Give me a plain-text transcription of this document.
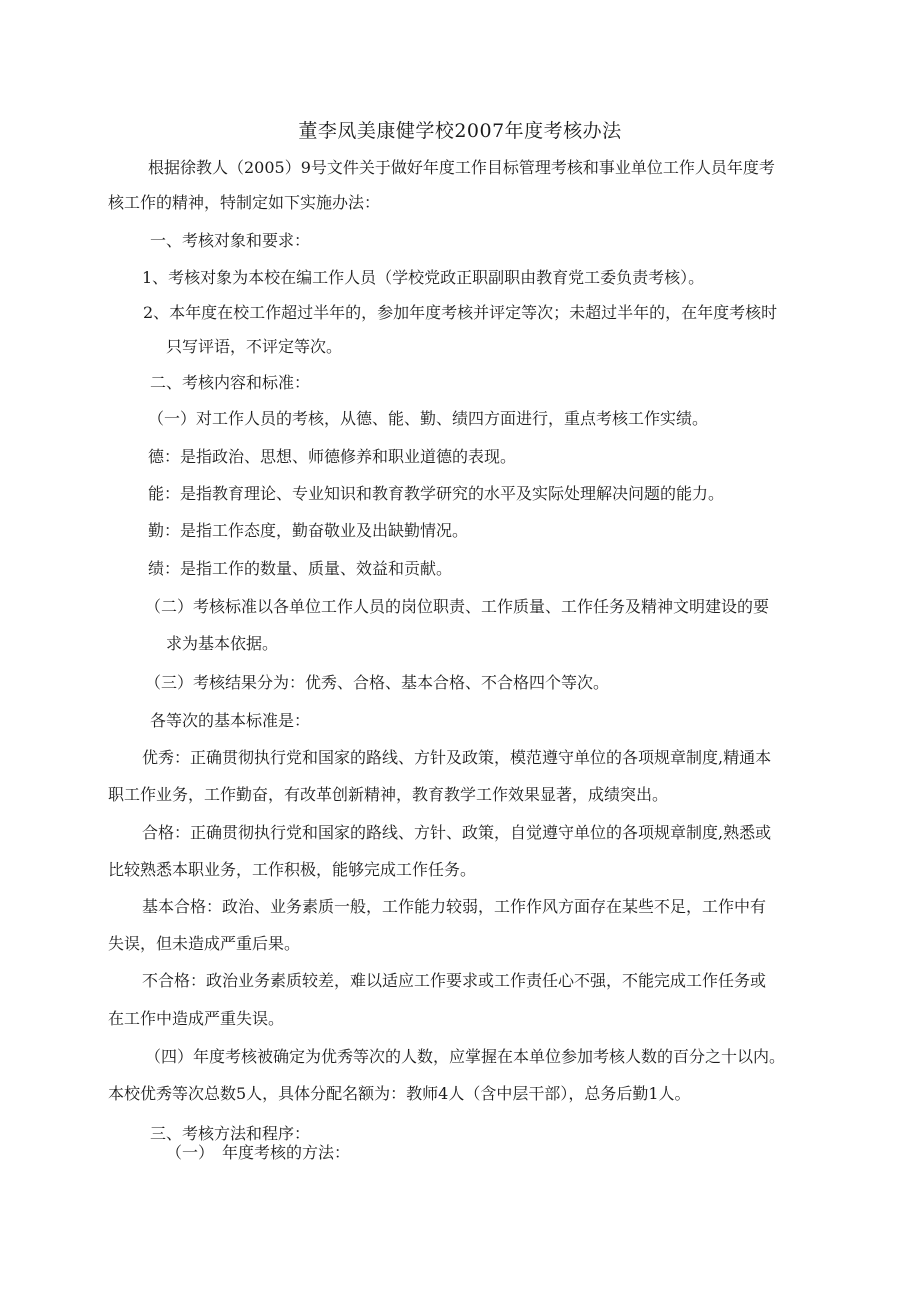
董李凤美康健学校2007年度考核办法
根据徐教人（2005）9号文件关于做好年度工作目标管理考核和事业单位工作人员年度考
核工作的精神，特制定如下实施办法：
一、考核对象和要求：
1、考核对象为本校在编工作人员（学校党政正职副职由教育党工委负责考核）。
2、本年度在校工作超过半年的，参加年度考核并评定等次；未超过半年的，在年度考核时
只写评语，不评定等次。
二、考核内容和标准：
（一）对工作人员的考核，从德、能、勤、绩四方面进行，重点考核工作实绩。
德：是指政治、思想、师德修养和职业道德的表现。
能：是指教育理论、专业知识和教育教学研究的水平及实际处理解决问题的能力。
勤：是指工作态度，勤奋敬业及出缺勤情况。
绩：是指工作的数量、质量、效益和贡献。
（二）考核标准以各单位工作人员的岗位职责、工作质量、工作任务及精神文明建设的要
求为基本依据。
（三）考核结果分为：优秀、合格、基本合格、不合格四个等次。
各等次的基本标准是：
优秀：正确贯彻执行党和国家的路线、方针及政策，模范遵守单位的各项规章制度,精通本
职工作业务，工作勤奋，有改革创新精神，教育教学工作效果显著，成绩突出。
合格：正确贯彻执行党和国家的路线、方针、政策，自觉遵守单位的各项规章制度,熟悉或
比较熟悉本职业务，工作积极，能够完成工作任务。
基本合格：政治、业务素质一般，工作能力较弱，工作作风方面存在某些不足，工作中有
失误，但未造成严重后果。
不合格：政治业务素质较差，难以适应工作要求或工作责任心不强，不能完成工作任务或
在工作中造成严重失误。
（四）年度考核被确定为优秀等次的人数，应掌握在本单位参加考核人数的百分之十以内。
本校优秀等次总数5人，具体分配名额为：教师4人（含中层干部），总务后勤1人。
三、考核方法和程序：
（一）　年度考核的方法：
